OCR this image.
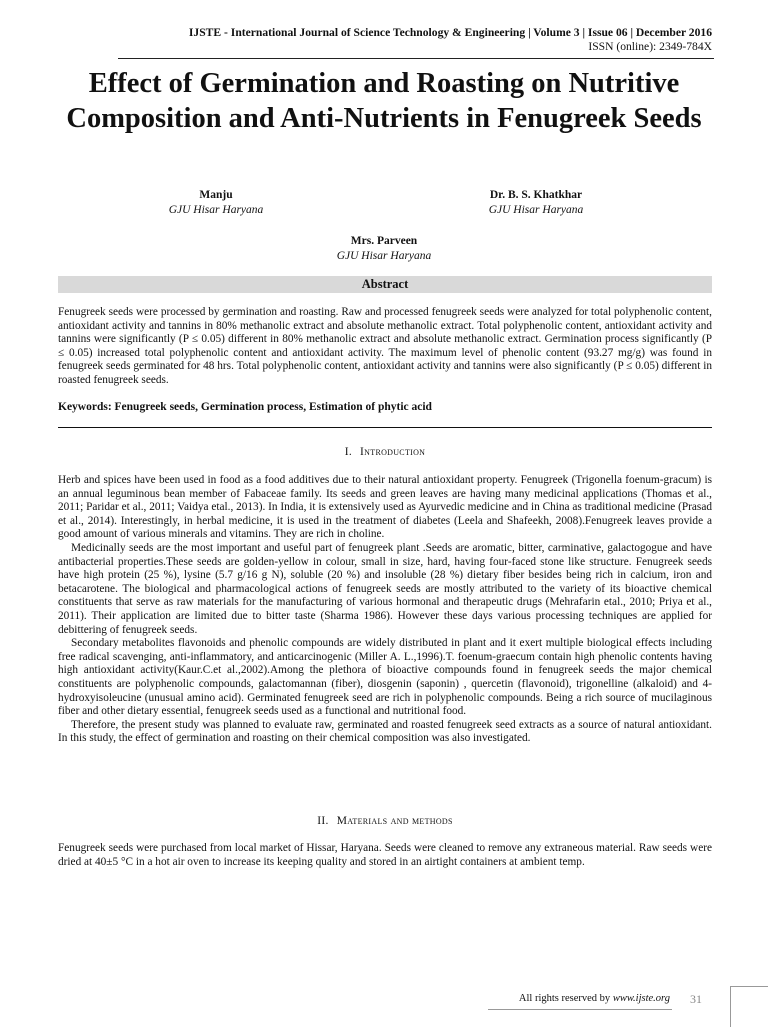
IJSTE - International Journal of Science Technology & Engineering | Volume 3 | Issue 06 | December 2016
ISSN (online): 2349-784X
Effect of Germination and Roasting on Nutritive Composition and Anti-Nutrients in Fenugreek Seeds
Manju
GJU Hisar Haryana
Dr. B. S. Khatkhar
GJU Hisar Haryana
Mrs. Parveen
GJU Hisar Haryana
Abstract
Fenugreek seeds were processed by germination and roasting. Raw and processed fenugreek seeds were analyzed for total polyphenolic content, antioxidant activity and tannins in 80% methanolic extract and absolute methanolic extract. Total polyphenolic content, antioxidant activity and tannins were significantly (P ≤ 0.05) different in 80% methanolic extract and absolute methanolic extract. Germination process significantly (P ≤ 0.05) increased total polyphenolic content and antioxidant activity. The maximum level of phenolic content (93.27 mg/g) was found in fenugreek seeds germinated for 48 hrs. Total polyphenolic content, antioxidant activity and tannins were also significantly (P ≤ 0.05) different in roasted fenugreek seeds.
Keywords: Fenugreek seeds, Germination process, Estimation of phytic acid
I. Introduction

Herb and spices have been used in food as a food additives due to their natural antioxidant property. Fenugreek (Trigonella foenum-gracum) is an annual leguminous bean member of Fabaceae family. Its seeds and green leaves are having many medicinal applications (Thomas et al., 2011; Paridar et al., 2011; Vaidya etal., 2013). In India, it is extensively used as Ayurvedic medicine and in China as traditional medicine (Prasad et al., 2014). Interestingly, in herbal medicine, it is used in the treatment of diabetes (Leela and Shafeekh, 2008).Fenugreek leaves provide a good amount of various minerals and vitamins. They are rich in choline.

Medicinally seeds are the most important and useful part of fenugreek plant .Seeds are aromatic, bitter, carminative, galactogogue and have antibacterial properties.These seeds are golden-yellow in colour, small in size, hard, having four-faced stone like structure. Fenugreek seeds have high protein (25 %), lysine (5.7 g/16 g N), soluble (20 %) and insoluble (28 %) dietary fiber besides being rich in calcium, iron and betacarotene. The biological and pharmacological actions of fenugreek seeds are mostly attributed to the variety of its bioactive chemical constituents that serve as raw materials for the manufacturing of various hormonal and therapeutic drugs (Mehrafarin etal., 2010; Priya et al., 2011). Their application are limited due to bitter taste (Sharma 1986). However these days various processing techniques are applied for debittering of fenugreek seeds.

Secondary metabolites flavonoids and phenolic compounds are widely distributed in plant and it exert multiple biological effects including free radical scavenging, anti-inflammatory, and anticarcinogenic (Miller A. L.,1996).T. foenum-graecum contain high phenolic contents having high antioxidant activity(Kaur.C.et al.,2002).Among the plethora of bioactive compounds found in fenugreek seeds the major chemical constituents are polyphenolic compounds, galactomannan (fiber), diosgenin (saponin) , quercetin (flavonoid), trigonelline (alkaloid) and 4-hydroxyisoleucine (unusual amino acid). Germinated fenugreek seed are rich in polyphenolic compounds. Being a rich source of mucilaginous fiber and other dietary essential, fenugreek seeds used as a functional and nutritional food.

Therefore, the present study was planned to evaluate raw, germinated and roasted fenugreek seed extracts as a source of natural antioxidant. In this study, the effect of germination and roasting on their chemical composition was also investigated.

II. Materials and methods

Fenugreek seeds were purchased from local market of Hissar, Haryana. Seeds were cleaned to remove any extraneous material. Raw seeds were dried at 40±5 °C in a hot air oven to increase its keeping quality and stored in an airtight containers at ambient temp.

All rights reserved by www.ijste.org 31
